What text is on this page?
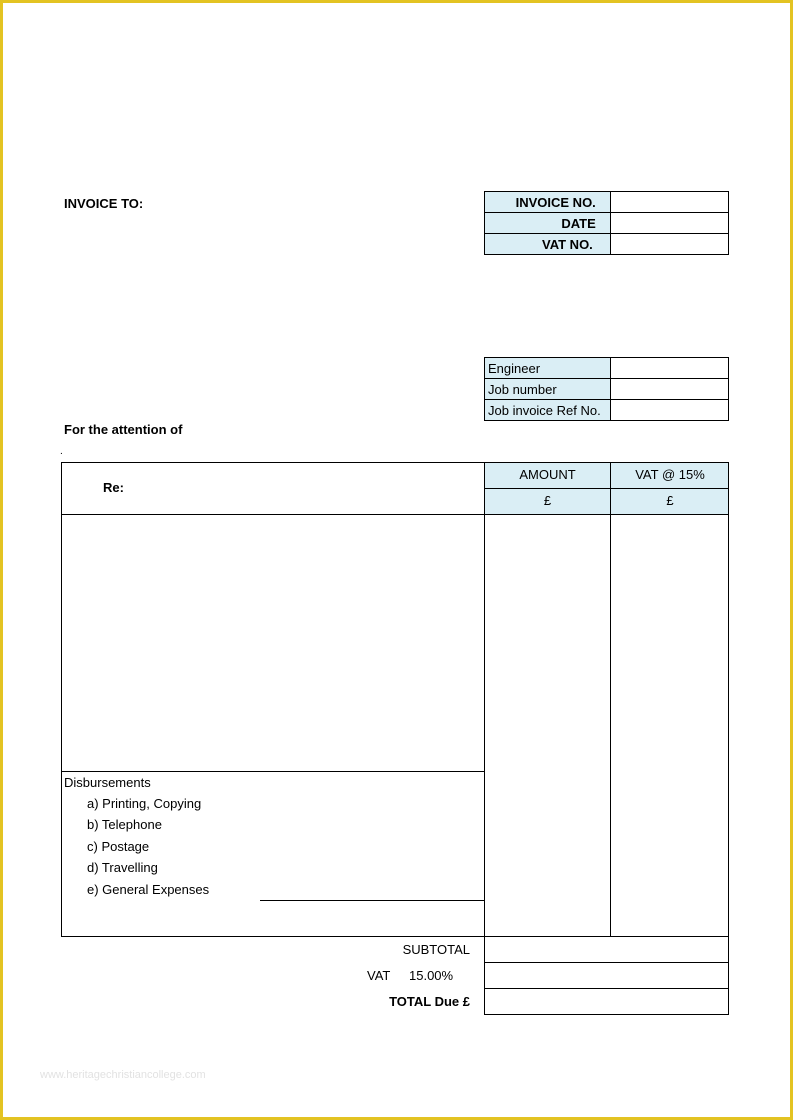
INVOICE TO:	INVOICE NO.	
DATE	
VAT NO.	
Engineer	
Job number	
Job invoice Ref No.	
For the attention of
.
Re:
AMOUNT	VAT @ 15%
£	£
Disbursements
a) Printing, Copying
b) Telephone
c) Postage
d) Travelling
e) General Expenses
SUBTOTAL
VAT 15.00%
TOTAL Due £
www.heritagechristiancollege.com
